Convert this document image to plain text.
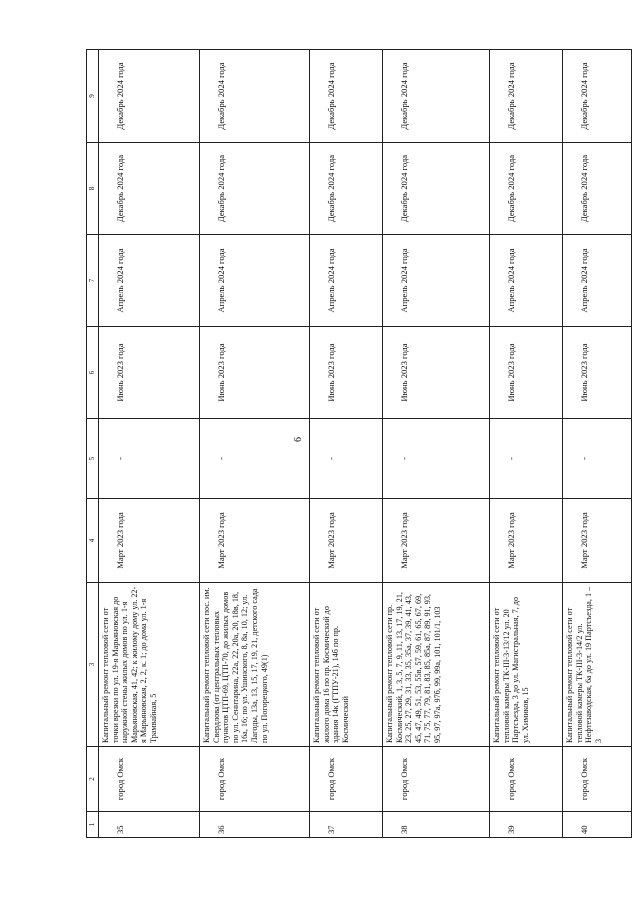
6
1	2	3	4	5	6	7	8	9
35	город Омск	Капитальный ремонт тепловой сети от точки врезки по ул. 19-я Марьяновская до наружной стены жилых домов по ул. 1-я Марьяновская, 41, 42; к жилому дому ул. 22-я Марьяновская, 2, 2, к. 1; до дома ул. 1-я Трамвайная, 5	Март 2023 года	-	Июнь 2023 года	Апрель 2024 года	Декабрь 2024 года	Декабрь 2024 года
36	город Омск	Капитальный ремонт тепловой сети пос. им. Свердлова (от центральных тепловых пунктов ЦТП-69, ЦТП-70, до жилых домов по ул. Сеннтарина, 22а, 22, 20а, 20, 18в, 18, 16а, 16; по ул. Ушинского, 8, 8а, 10, 12; ул. Лагоды, 13а, 13, 15, 17, 19, 21, детского сада по ул. Погорецкого, 49(1)	Март 2023 года	-	Июнь 2023 года	Апрель 2024 года	Декабрь 2024 года	Декабрь 2024 года
37	город Омск	Капитальный ремонт тепловой сети от жилого дома 16 по пр. Космический до здания 14к (ГТПУ-21), 14б по пр. Космический	Март 2023 года	-	Июнь 2023 года	Апрель 2024 года	Декабрь 2024 года	Декабрь 2024 года
38	город Омск	Капитальный ремонт тепловой сети пр. Космический, 1, 3, 5, 7, 9, 11, 13, 17, 19, 21, 23, 25, 27, 29, 31, 33, 35, 35а, 37, 39, 41, 43, 45, 47, 49, 51, 53, 55в, 57, 59, 61, 65, 67, 69, 71, 75, 77, 79, 81, 83, 85, 85а, 87, 89, 91, 93, 95, 97, 97а, 97б, 99, 99а, 101, 101/1, 103	Март 2023 года	-	Июнь 2023 года	Апрель 2024 года	Декабрь 2024 года	Декабрь 2024 года
39	город Омск	Капитальный ремонт тепловой сети от тепловой камеры ТК-III-3-13/12 ул. 20 Партсъезда, 3 до ул. Магистральная, 7, до ул. Химиков, 15	Март 2023 года	-	Июнь 2023 года	Апрель 2024 года	Декабрь 2024 года	Декабрь 2024 года
40	город Омск	Капитальный ремонт тепловой сети от тепловой камеры ТК-III-3-14/2 ул. Нефтезаводская, 6а до ул. 19 Партсъезда, 1 – 3	Март 2023 года	-	Июнь 2023 года	Апрель 2024 года	Декабрь 2024 года	Декабрь 2024 года
